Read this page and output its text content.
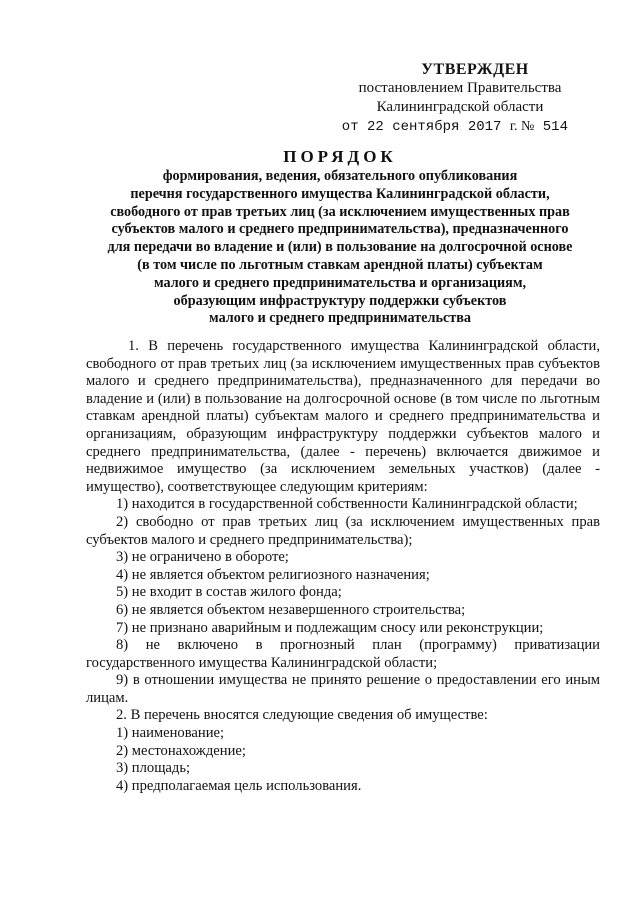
УТВЕРЖДЕН
постановлением Правительства
Калининградской области
от 22 сентября 2017 г. № 514
ПОРЯДОК
формирования, ведения, обязательного опубликования
перечня государственного имущества Калининградской области,
свободного от прав третьих лиц (за исключением имущественных прав
субъектов малого и среднего предпринимательства), предназначенного
для передачи во владение и (или) в пользование на долгосрочной основе
(в том числе по льготным ставкам арендной платы) субъектам
малого и среднего предпринимательства и организациям,
образующим инфраструктуру поддержки субъектов
малого и среднего предпринимательства

1. В перечень государственного имущества Калининградской области, свободного от прав третьих лиц (за исключением имущественных прав субъектов малого и среднего предпринимательства), предназначенного для передачи во владение и (или) в пользование на долгосрочной основе (в том числе по льготным ставкам арендной платы) субъектам малого и среднего предпринимательства и организациям, образующим инфраструктуру поддержки субъектов малого и среднего предпринимательства, (далее - перечень) включается движимое и недвижимое имущество (за исключением земельных участков) (далее - имущество), соответствующее следующим критериям:

1) находится в государственной собственности Калининградской области;

2) свободно от прав третьих лиц (за исключением имущественных прав субъектов малого и среднего предпринимательства);

3) не ограничено в обороте;

4) не является объектом религиозного назначения;

5) не входит в состав жилого фонда;

6) не является объектом незавершенного строительства;

7) не признано аварийным и подлежащим сносу или реконструкции;

8) не включено в прогнозный план (программу) приватизации государственного имущества Калининградской области;

9) в отношении имущества не принято решение о предоставлении его иным лицам.

2. В перечень вносятся следующие сведения об имуществе:

1) наименование;

2) местонахождение;

3) площадь;

4) предполагаемая цель использования.
